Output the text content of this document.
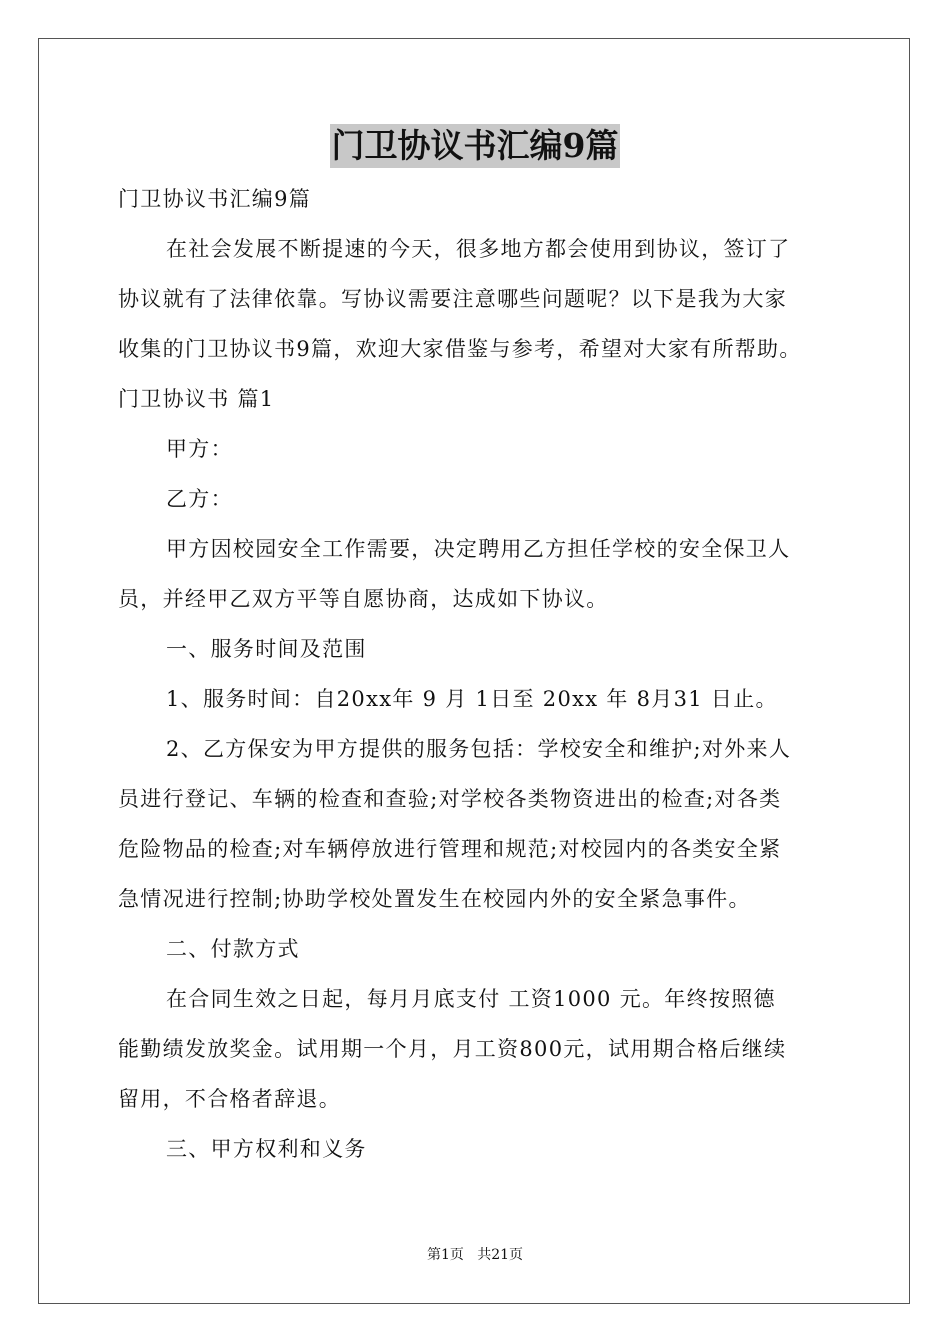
门卫协议书汇编9篇
门卫协议书汇编9篇
在社会发展不断提速的今天，很多地方都会使用到协议，签订了
协议就有了法律依靠。写协议需要注意哪些问题呢？以下是我为大家
收集的门卫协议书9篇，欢迎大家借鉴与参考，希望对大家有所帮助。
门卫协议书 篇1
甲方：
乙方：
甲方因校园安全工作需要，决定聘用乙方担任学校的安全保卫人
员，并经甲乙双方平等自愿协商，达成如下协议。
一、服务时间及范围
1、服务时间：自20xx年 9 月 1日至 20xx 年 8月31 日止。
2、乙方保安为甲方提供的服务包括：学校安全和维护;对外来人
员进行登记、车辆的检查和查验;对学校各类物资进出的检查;对各类
危险物品的检查;对车辆停放进行管理和规范;对校园内的各类安全紧
急情况进行控制;协助学校处置发生在校园内外的安全紧急事件。
二、付款方式
在合同生效之日起，每月月底支付 工资1000 元。年终按照德
能勤绩发放奖金。试用期一个月，月工资800元，试用期合格后继续
留用，不合格者辞退。
三、甲方权利和义务
第1页   共21页
